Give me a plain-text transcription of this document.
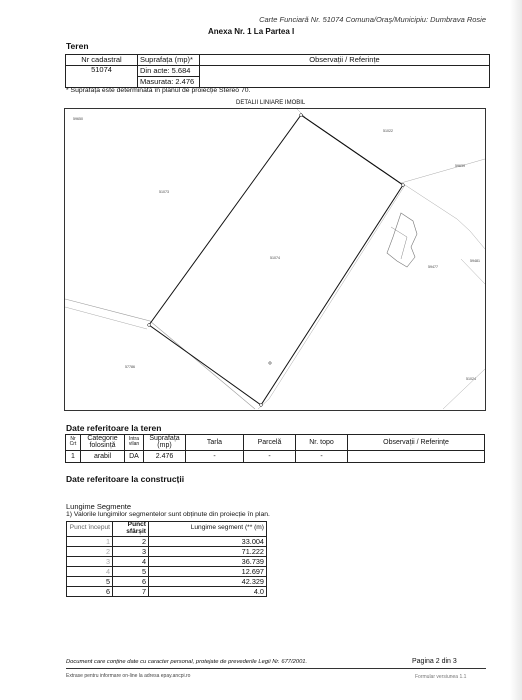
Carte Funciară Nr. 51074 Comuna/Oraş/Municipiu: Dumbrava Rosie
Anexa Nr. 1 La Partea I
Teren
Nr cadastral	Suprafața (mp)*	Observații / Referințe
51074	Din acte: 5.684	
	Masurata: 2.476	
* Suprafața este determinată în planul de proiecție Stereo 70.
DETALII LINIARE IMOBIL
51074
59650
51022
59639
59477
59481
51073
57786
51024
Date referitoare la teren
Nr Crt	Categorie folosință	Intra vilan	Suprafața (mp)	Tarla	Parcelă	Nr. topo	Observații / Referințe
1	arabil	DA	2.476	-	-	-	
Date referitoare la construcții
Lungime Segmente
1) Valorile lungimilor segmentelor sunt obținute din proiecție în plan.
Punct început	Punct sfârșit	Lungime segment (** (m)
1	2	33.004
2	3	71.222
3	4	36.739
4	5	12.697
5	6	42.329
6	7	4.0
Document care conține date cu caracter personal, protejate de prevederile Legii Nr. 677/2001.	Pagina 2 din 3
Extrase pentru informare on-line la adresa epay.ancpi.ro	Formular versiunea 1.1
